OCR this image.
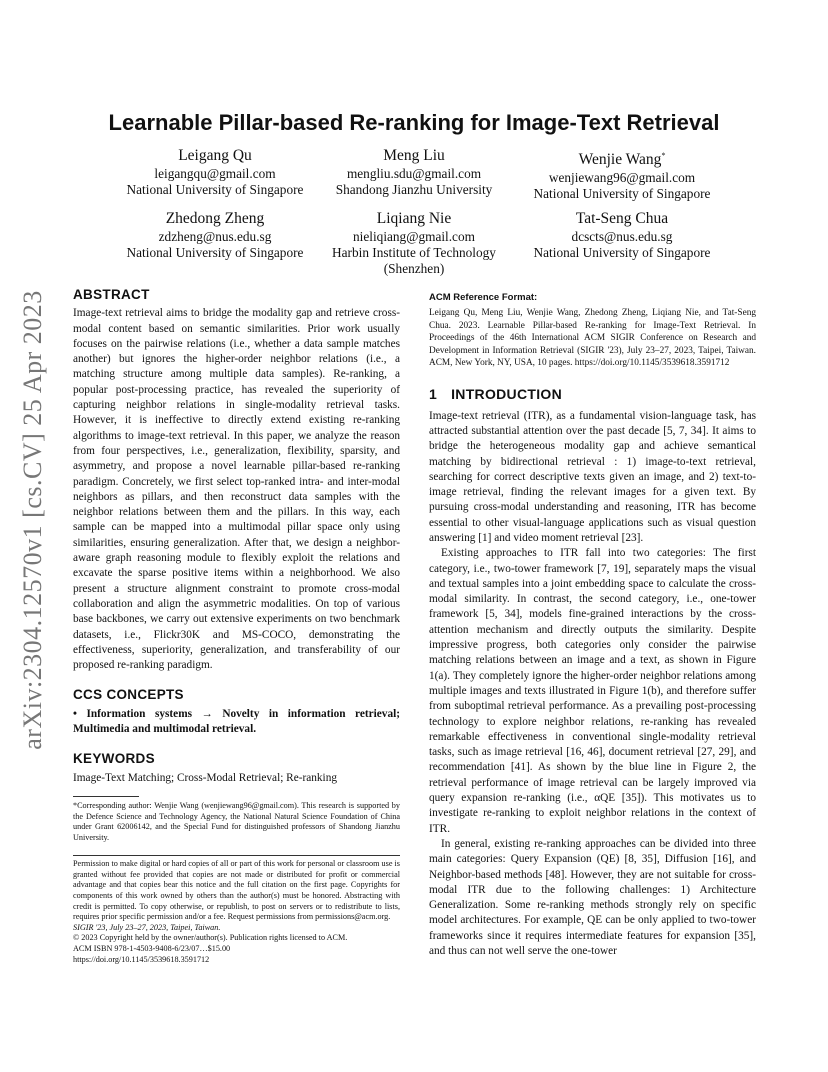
arXiv:2304.12570v1 [cs.CV] 25 Apr 2023
Learnable Pillar-based Re-ranking for Image-Text Retrieval
Leigang Qu
leigangqu@gmail.com
National University of Singapore
Meng Liu
mengliu.sdu@gmail.com
Shandong Jianzhu University
Wenjie Wang*
wenjiewang96@gmail.com
National University of Singapore
Zhedong Zheng
zdzheng@nus.edu.sg
National University of Singapore
Liqiang Nie
nieliqiang@gmail.com
Harbin Institute of Technology
(Shenzhen)
Tat-Seng Chua
dcscts@nus.edu.sg
National University of Singapore
ABSTRACT

Image-text retrieval aims to bridge the modality gap and retrieve cross-modal content based on semantic similarities. Prior work usually focuses on the pairwise relations (i.e., whether a data sample matches another) but ignores the higher-order neighbor relations (i.e., a matching structure among multiple data samples). Re-ranking, a popular post-processing practice, has revealed the superiority of capturing neighbor relations in single-modality retrieval tasks. However, it is ineffective to directly extend existing re-ranking algorithms to image-text retrieval. In this paper, we analyze the reason from four perspectives, i.e., generalization, flexibility, sparsity, and asymmetry, and propose a novel learnable pillar-based re-ranking paradigm. Concretely, we first select top-ranked intra- and inter-modal neighbors as pillars, and then reconstruct data samples with the neighbor relations between them and the pillars. In this way, each sample can be mapped into a multimodal pillar space only using similarities, ensuring generalization. After that, we design a neighbor-aware graph reasoning module to flexibly exploit the relations and excavate the sparse positive items within a neighborhood. We also present a structure alignment constraint to promote cross-modal collaboration and align the asymmetric modalities. On top of various base backbones, we carry out extensive experiments on two benchmark datasets, i.e., Flickr30K and MS-COCO, demonstrating the effectiveness, superiority, generalization, and transferability of our proposed re-ranking paradigm.

CCS CONCEPTS

• Information systems → Novelty in information retrieval; Multimedia and multimodal retrieval.

KEYWORDS

Image-Text Matching; Cross-Modal Retrieval; Re-ranking

*Corresponding author: Wenjie Wang (wenjiewang96@gmail.com). This research is supported by the Defence Science and Technology Agency, the National Natural Science Foundation of China under Grant 62006142, and the Special Fund for distinguished professors of Shandong Jianzhu University.

Permission to make digital or hard copies of all or part of this work for personal or classroom use is granted without fee provided that copies are not made or distributed for profit or commercial advantage and that copies bear this notice and the full citation on the first page. Copyrights for components of this work owned by others than the author(s) must be honored. Abstracting with credit is permitted. To copy otherwise, or republish, to post on servers or to redistribute to lists, requires prior specific permission and/or a fee. Request permissions from permissions@acm.org.

SIGIR '23, July 23–27, 2023, Taipei, Taiwan.

© 2023 Copyright held by the owner/author(s). Publication rights licensed to ACM.

ACM ISBN 978-1-4503-9408-6/23/07…$15.00

https://doi.org/10.1145/3539618.3591712

ACM Reference Format:

Leigang Qu, Meng Liu, Wenjie Wang, Zhedong Zheng, Liqiang Nie, and Tat-Seng Chua. 2023. Learnable Pillar-based Re-ranking for Image-Text Retrieval. In Proceedings of the 46th International ACM SIGIR Conference on Research and Development in Information Retrieval (SIGIR '23), July 23–27, 2023, Taipei, Taiwan. ACM, New York, NY, USA, 10 pages. https://doi.org/10.1145/3539618.3591712

1 INTRODUCTION

Image-text retrieval (ITR), as a fundamental vision-language task, has attracted substantial attention over the past decade [5, 7, 34]. It aims to bridge the heterogeneous modality gap and achieve semantical matching by bidirectional retrieval : 1) image-to-text retrieval, searching for correct descriptive texts given an image, and 2) text-to-image retrieval, finding the relevant images for a given text. By pursuing cross-modal understanding and reasoning, ITR has become essential to other visual-language applications such as visual question answering [1] and video moment retrieval [23].

Existing approaches to ITR fall into two categories: The first category, i.e., two-tower framework [7, 19], separately maps the visual and textual samples into a joint embedding space to calculate the cross-modal similarity. In contrast, the second category, i.e., one-tower framework [5, 34], models fine-grained interactions by the cross-attention mechanism and directly outputs the similarity. Despite impressive progress, both categories only consider the pairwise matching relations between an image and a text, as shown in Figure 1(a). They completely ignore the higher-order neighbor relations among multiple images and texts illustrated in Figure 1(b), and therefore suffer from suboptimal retrieval performance. As a prevailing post-processing technology to explore neighbor relations, re-ranking has revealed remarkable effectiveness in conventional single-modality retrieval tasks, such as image retrieval [16, 46], document retrieval [27, 29], and recommendation [41]. As shown by the blue line in Figure 2, the retrieval performance of image retrieval can be largely improved via query expansion re-ranking (i.e., αQE [35]). This motivates us to investigate re-ranking to exploit neighbor relations in the context of ITR.

In general, existing re-ranking approaches can be divided into three main categories: Query Expansion (QE) [8, 35], Diffusion [16], and Neighbor-based methods [48]. However, they are not suitable for cross-modal ITR due to the following challenges: 1) Architecture Generalization. Some re-ranking methods strongly rely on specific model architectures. For example, QE can be only applied to two-tower frameworks since it requires intermediate features for expansion [35], and thus can not well serve the one-tower
